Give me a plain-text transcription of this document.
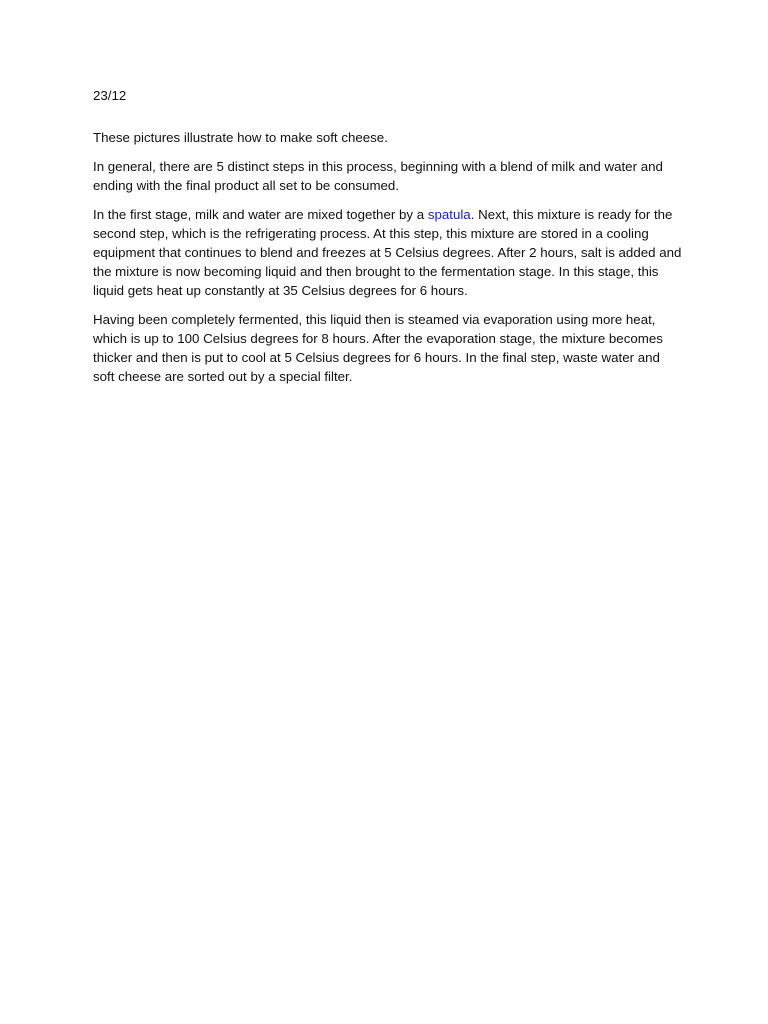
23/12

These pictures illustrate how to make soft cheese.

In general, there are 5 distinct steps in this process, beginning with a blend of milk and water and ending with the final product all set to be consumed.

In the first stage, milk and water are mixed together by a spatula. Next, this mixture is ready for the second step, which is the refrigerating process. At this step, this mixture are stored in a cooling equipment that continues to blend and freezes at 5 Celsius degrees. After 2 hours, salt is added and the mixture is now becoming liquid and then brought to the fermentation stage. In this stage, this liquid gets heat up constantly at 35 Celsius degrees for 6 hours.

Having been completely fermented, this liquid then is steamed via evaporation using more heat, which is up to 100 Celsius degrees for 8 hours. After the evaporation stage, the mixture becomes thicker and then is put to cool at 5 Celsius degrees for 6 hours. In the final step, waste water and soft cheese are sorted out by a special filter.
